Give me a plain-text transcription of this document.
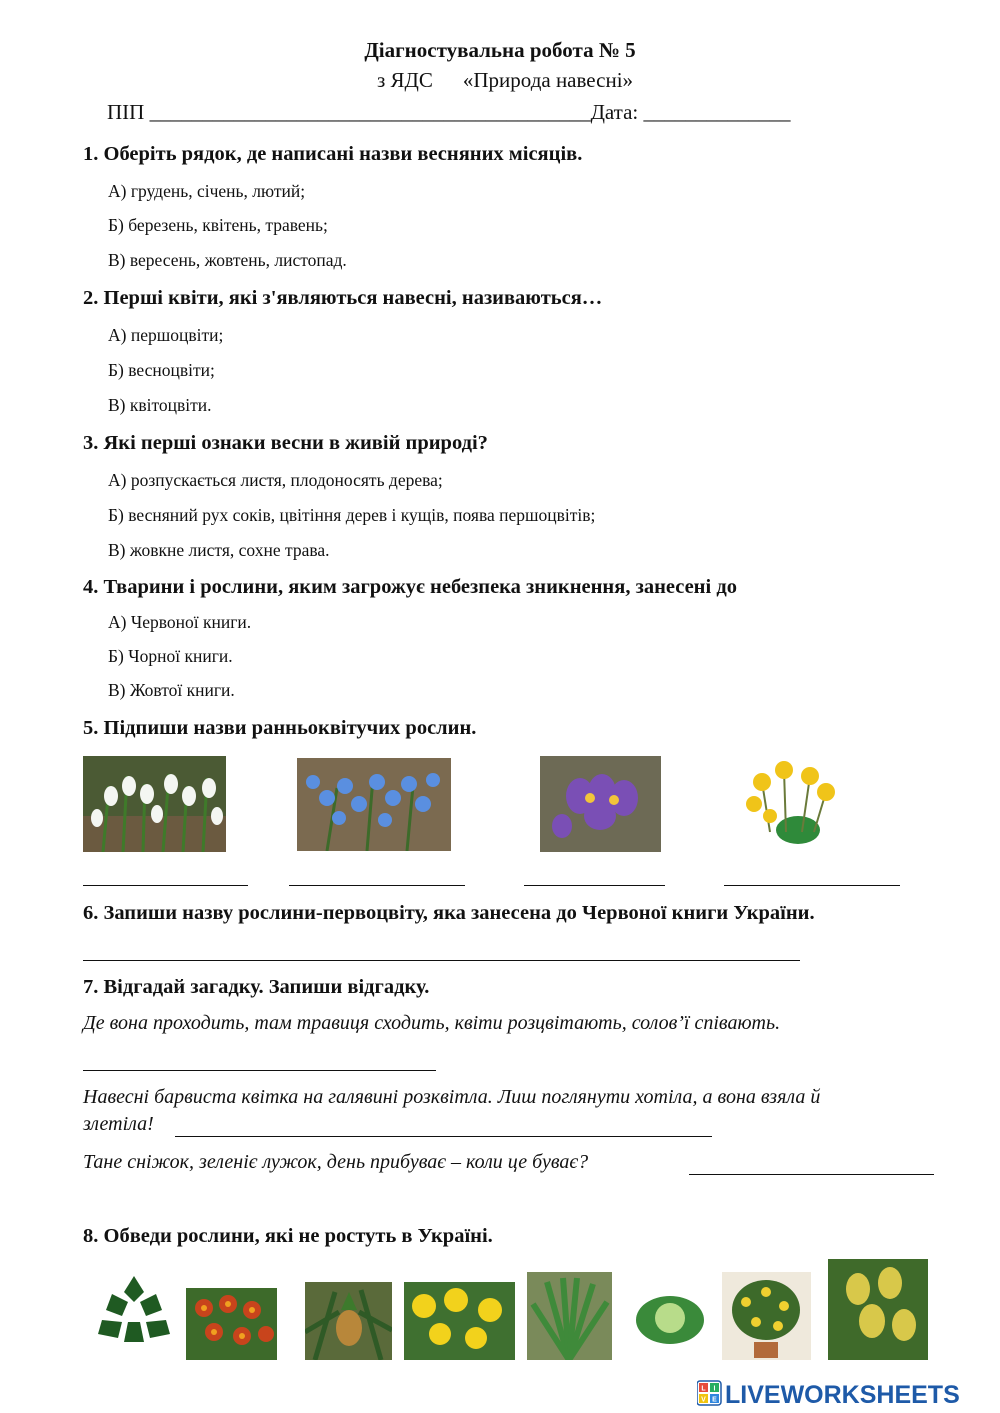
Діагностувальна робота № 5
з ЯДС «Природа навесні»
ПІП __________________________________________Дата: ______________
1. Оберіть рядок, де написані назви весняних місяців.
А) грудень, січень, лютий;
Б) березень, квітень, травень;
В) вересень, жовтень, листопад.
2. Перші квіти, які з'являються навесні, називаються…
А) першоцвіти;
Б) весноцвіти;
В) квітоцвіти.
3. Які перші ознаки весни в живій природі?
А) розпускається листя, плодоносять дерева;
Б) весняний рух соків, цвітіння дерев і кущів, поява першоцвітів;
В) жовкне листя, сохне трава.
4. Тварини і рослини, яким загрожує небезпека зникнення, занесені до
А) Червоної книги.
Б) Чорної книги.
В) Жовтої книги.
5. Підпиши назви ранньоквітучих рослин.
6. Запиши назву рослини-первоцвіту, яка занесена до Червоної книги України.
7. Відгадай загадку. Запиши відгадку.
Де вона проходить, там травиця сходить, квіти розцвітають, солов’ї співають.
Навесні барвиста квітка на галявині розквітла. Лиш поглянути хотіла, а вона взяла й
злетіла!
Тане сніжок, зеленіє лужок, день прибуває – коли це буває?
8. Обведи рослини, які не ростуть в Україні.
L I
V E LIVEWORKSHEETS
